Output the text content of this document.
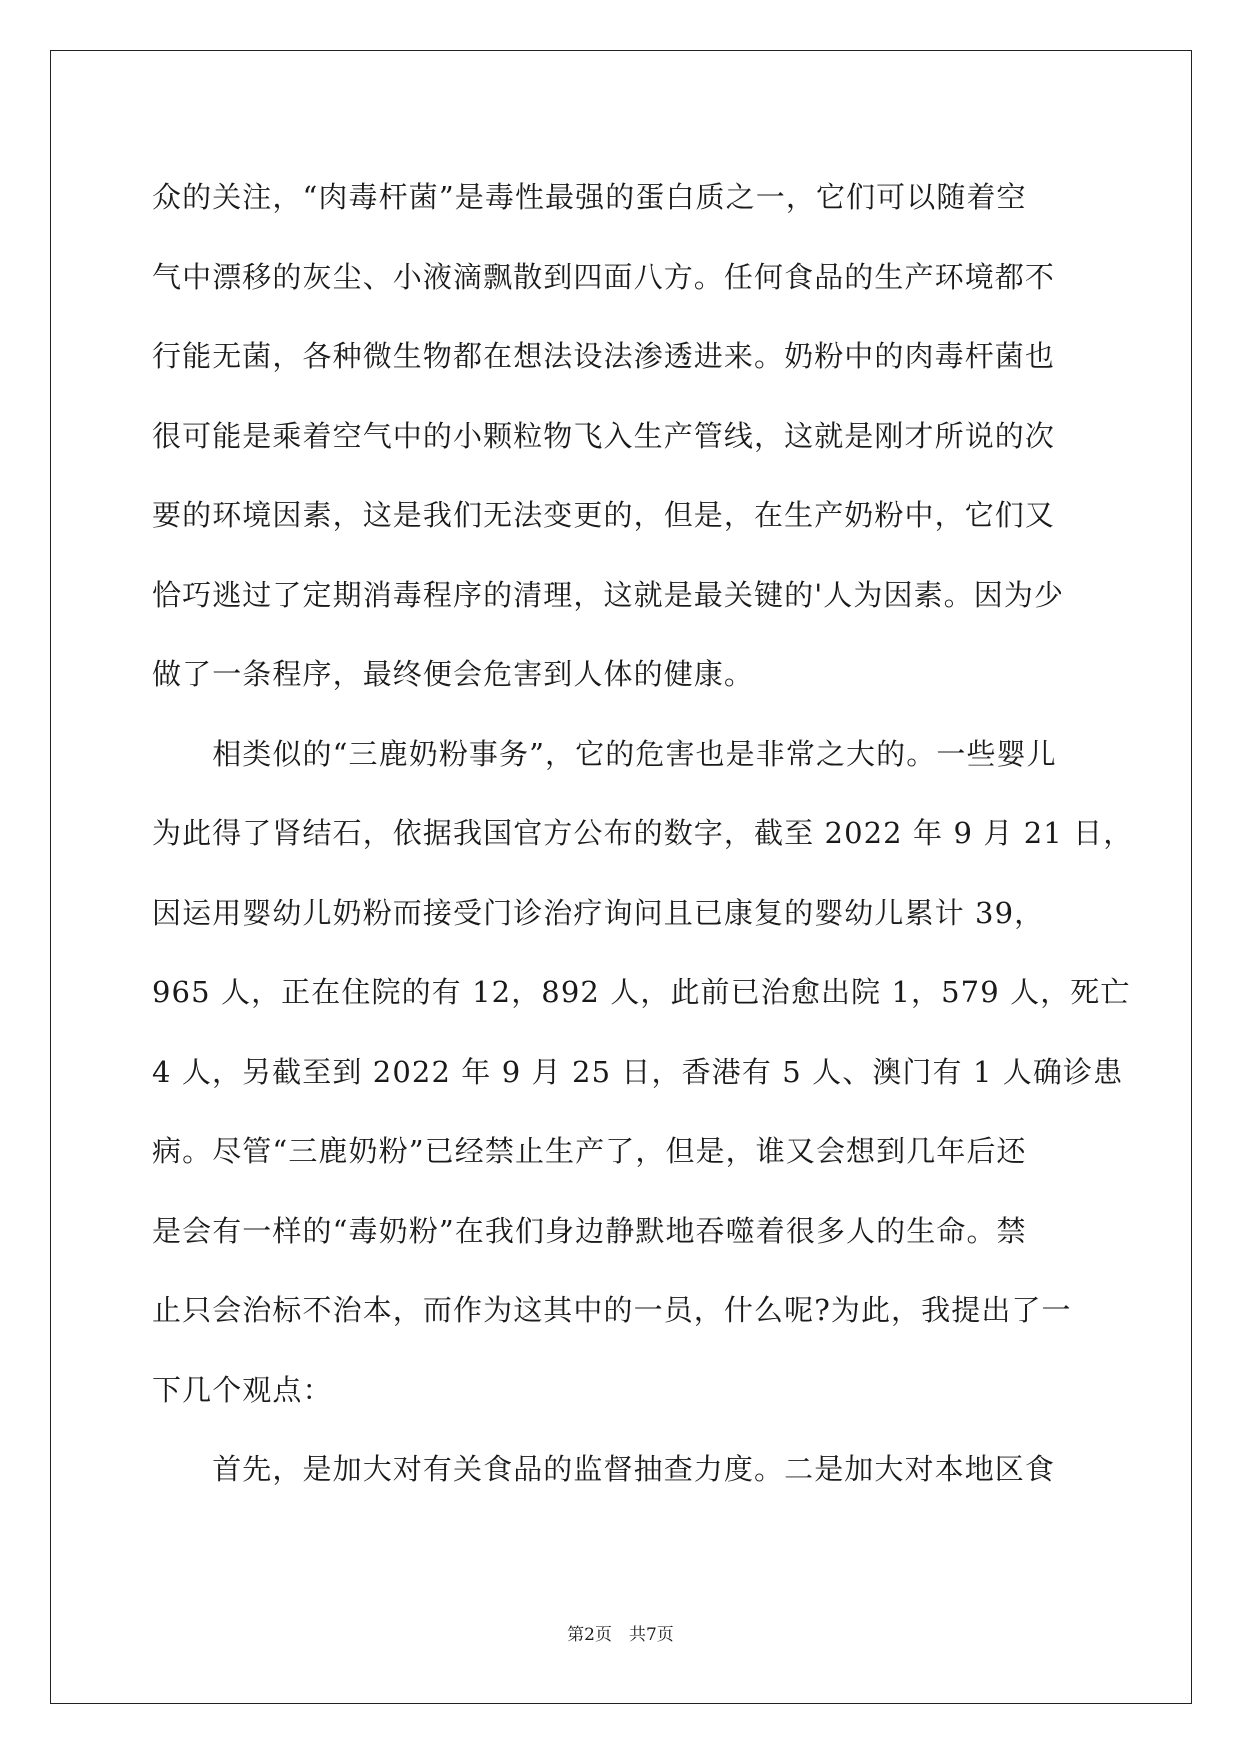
众的关注，“肉毒杆菌”是毒性最强的蛋白质之一，它们可以随着空
气中漂移的灰尘、小液滴飘散到四面八方。任何食品的生产环境都不
行能无菌，各种微生物都在想法设法渗透进来。奶粉中的肉毒杆菌也
很可能是乘着空气中的小颗粒物飞入生产管线，这就是刚才所说的次
要的环境因素，这是我们无法变更的，但是，在生产奶粉中，它们又
恰巧逃过了定期消毒程序的清理，这就是最关键的'人为因素。因为少
做了一条程序，最终便会危害到人体的健康。
　　相类似的“三鹿奶粉事务”，它的危害也是非常之大的。一些婴儿
为此得了肾结石，依据我国官方公布的数字，截至 2022 年 9 月 21 日，
因运用婴幼儿奶粉而接受门诊治疗询问且已康复的婴幼儿累计 39，
965 人，正在住院的有 12，892 人，此前已治愈出院 1，579 人，死亡
4 人，另截至到 2022 年 9 月 25 日，香港有 5 人、澳门有 1 人确诊患
病。尽管“三鹿奶粉”已经禁止生产了，但是，谁又会想到几年后还
是会有一样的“毒奶粉”在我们身边静默地吞噬着很多人的生命。禁
止只会治标不治本，而作为这其中的一员，什么呢?为此，我提出了一
下几个观点：
　　首先，是加大对有关食品的监督抽查力度。二是加大对本地区食
第2页　共7页
